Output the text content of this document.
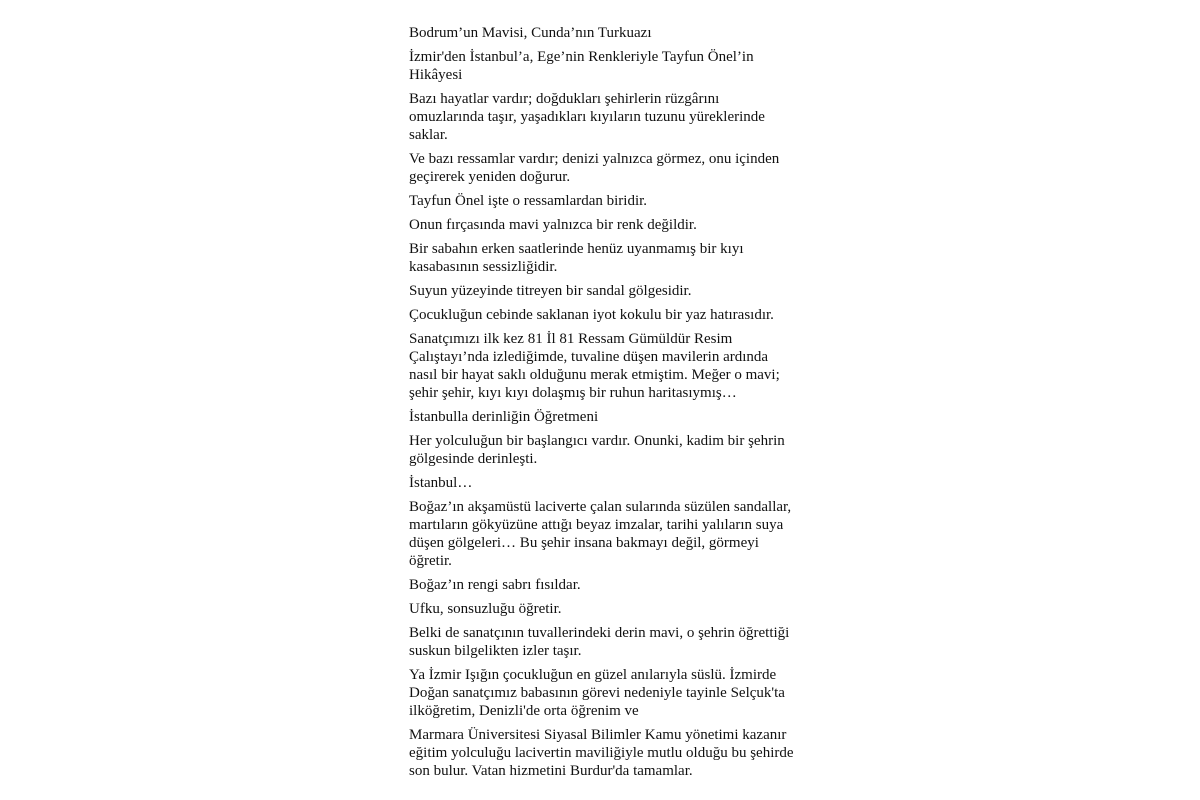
Bodrum’un Mavisi, Cunda’nın Turkuazı

İzmir'den İstanbul’a, Ege’nin Renkleriyle Tayfun Önel’in Hikâyesi

Bazı hayatlar vardır; doğdukları şehirlerin rüzgârını omuzlarında taşır, yaşadıkları kıyıların tuzunu yüreklerinde saklar.

Ve bazı ressamlar vardır; denizi yalnızca görmez, onu içinden geçirerek yeniden doğurur.

Tayfun Önel işte o ressamlardan biridir.

Onun fırçasında mavi yalnızca bir renk değildir.

Bir sabahın erken saatlerinde henüz uyanmamış bir kıyı kasabasının sessizliğidir.

Suyun yüzeyinde titreyen bir sandal gölgesidir.

Çocukluğun cebinde saklanan iyot kokulu bir yaz hatırasıdır.

Sanatçımızı ilk kez 81 İl 81 Ressam Gümüldür Resim Çalıştayı’nda izlediğimde, tuvaline düşen mavilerin ardında nasıl bir hayat saklı olduğunu merak etmiştim. Meğer o mavi; şehir şehir, kıyı kıyı dolaşmış bir ruhun haritasıymış…

İstanbulla derinliğin Öğretmeni

Her yolculuğun bir başlangıcı vardır. Onunki, kadim bir şehrin gölgesinde derinleşti.

İstanbul…

Boğaz’ın akşamüstü laciverte çalan sularında süzülen sandallar, martıların gökyüzüne attığı beyaz imzalar, tarihi yalıların suya düşen gölgeleri… Bu şehir insana bakmayı değil, görmeyi öğretir.

Boğaz’ın rengi sabrı fısıldar.

Ufku, sonsuzluğu öğretir.

Belki de sanatçının tuvallerindeki derin mavi, o şehrin öğrettiği suskun bilgelikten izler taşır.

Ya İzmir Işığın çocukluğun en güzel anılarıyla süslü. İzmirde Doğan sanatçımız babasının görevi nedeniyle tayinle Selçuk'ta ilköğretim, Denizli'de orta öğrenim ve

Marmara Üniversitesi Siyasal Bilimler Kamu yönetimi kazanır eğitim yolculuğu lacivertin maviliğiyle mutlu olduğu bu şehirde son bulur. Vatan hizmetini Burdur'da tamamlar.
